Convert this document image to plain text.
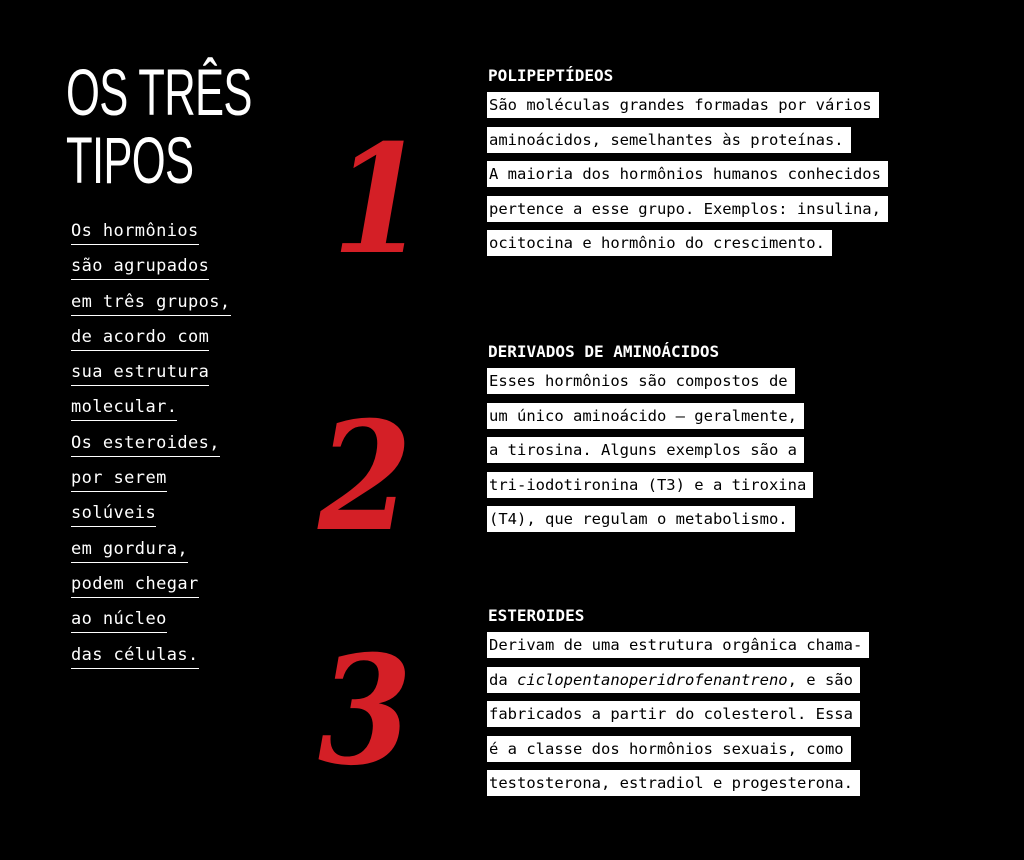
OS TRÊS
TIPOS
Os hormônios
são agrupados
em três grupos,
de acordo com
sua estrutura
molecular.
Os esteroides,
por serem
solúveis
em gordura,
podem chegar
ao núcleo
das células.
1
2
3
POLIPEPTÍDEOS
São moléculas grandes formadas por vários
aminoácidos, semelhantes às proteínas.
A maioria dos hormônios humanos conhecidos
pertence a esse grupo. Exemplos: insulina,
ocitocina e hormônio do crescimento.
DERIVADOS DE AMINOÁCIDOS
Esses hormônios são compostos de
um único aminoácido – geralmente,
a tirosina. Alguns exemplos são a
tri-iodotironina (T3) e a tiroxina
(T4), que regulam o metabolismo.
ESTEROIDES
Derivam de uma estrutura orgânica chama-
da ciclopentanoperidrofenantreno, e são
fabricados a partir do colesterol. Essa
é a classe dos hormônios sexuais, como
testosterona, estradiol e progesterona.
